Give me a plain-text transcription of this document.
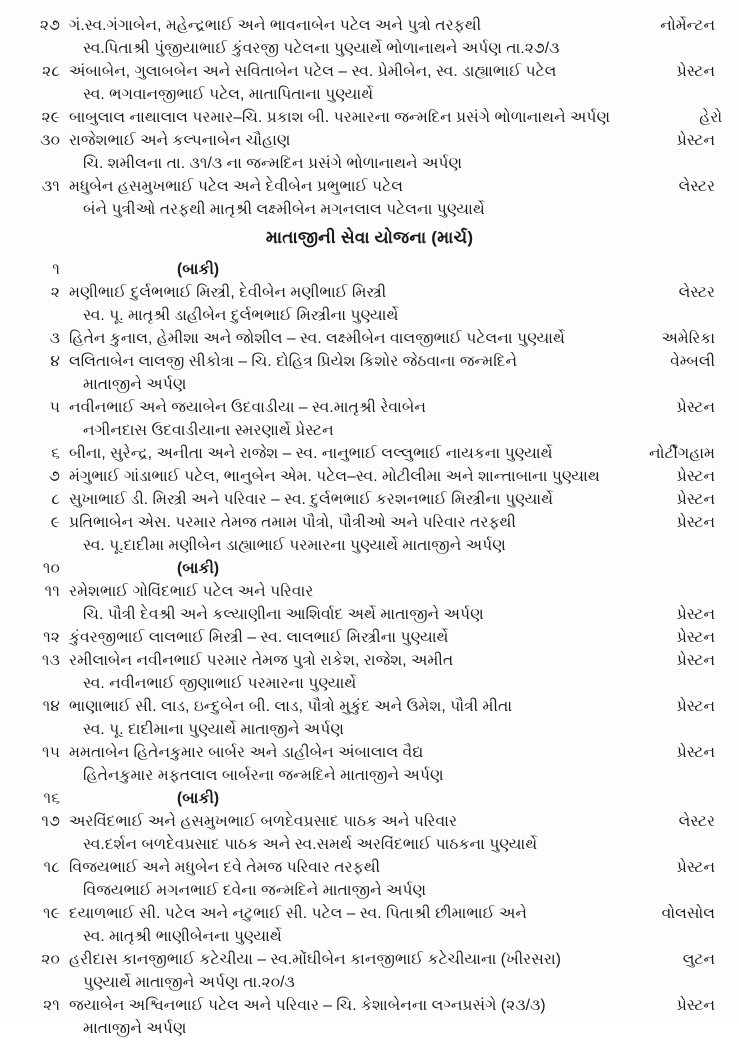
૨૭ ગં.સ્વ.ગંગાબેન, મહેન્દ્રભાઈ અને ભાવનાબેન પટેલ અને પુત્રો તરફથી	નોર્મેન્ટન
સ્વ.પિતાશ્રી પુંજીયાભાઈ કુંવરજી પટેલના પુણ્યાર્થે ભોળાનાથને અર્પણ તા.૨૭/૩
૨૮ અંબાબેન, ગુલાબબેન અને સવિતાબેન પટેલ – સ્વ. પ્રેમીબેન, સ્વ. ડાહ્યાભાઈ પટેલ	પ્રેસ્ટન
સ્વ. ભગવાનજીભાઈ પટેલ, માતાપિતાના પુણ્યાર્થે
૨૯ બાબુલાલ નાથાલાલ પરમાર–ચિ. પ્રકાશ બી. પરમારના જન્મદિન પ્રસંગે ભોળાનાથને અર્પણ	હેરો
૩૦ રાજેશભાઈ અને કલ્પનાબેન ચૌહાણ	પ્રેસ્ટન
ચિ. શમીલના તા. ૩૧/૩ ના જન્મદિન પ્રસંગે ભોળાનાથને અર્પણ
૩૧ મધુબેન હસમુખભાઈ પટેલ અને દેવીબેન પ્રભુભાઈ પટેલ	લેસ્ટર
બંને પુત્રીઓ તરફથી માતૃશ્રી લક્ષ્મીબેન મગનલાલ પટેલના પુણ્યાર્થે
માતાજીની સેવા યોજના (માર્ચ)
૧	(બાકી)
૨ મણીભાઈ દુર્લભભાઈ મિસ્ત્રી, દેવીબેન મણીભાઈ મિસ્ત્રી	લેસ્ટર
સ્વ. પૂ. માતૃશ્રી ડાહીબેન દુર્લભભાઈ મિસ્ત્રીના પુણ્યાર્થે
૩ હિતેન કુનાલ, હેમીશા અને જોશીલ – સ્વ. લક્ષ્મીબેન વાલજીભાઈ પટેલના પુણ્યાર્થે	અમેરિકા
૪ લલિતાબેન લાલજી સીકોત્રા – ચિ. દોહિત્ર પ્રિયેશ કિશોર જેઠવાના જન્મદિને	વેમ્બલી
માતાજીને અર્પણ
૫ નવીનભાઈ અને જયાબેન ઉદવાડીયા – સ્વ.માતૃશ્રી રેવાબેન	પ્રેસ્ટન
નગીનદાસ ઉદવાડીયાના સ્મરણાર્થે પ્રેસ્ટન
૬ બીના, સુરેન્દ્ર, અનીતા અને રાજેશ – સ્વ. નાનુભાઈ લલ્લુભાઈ નાયકના પુણ્યાર્થે	નોર્ટીંગહામ
૭ મંગુભાઈ ગાંડાભાઈ પટેલ, ભાનુબેન એમ. પટેલ–સ્વ. મોટીલીમા અને શાન્તાબાના પુણ્યાથ	પ્રેસ્ટન
૮ સુખાભાઈ ડી. મિસ્ત્રી અને પરિવાર – સ્વ. દુર્લભભાઈ કરશનભાઈ મિસ્ત્રીના પુણ્યાર્થે	પ્રેસ્ટન
૯ પ્રતિભાબેન એસ. પરમાર તેમજ તમામ પૌત્રો, પૌત્રીઓ અને પરિવાર તરફથી	પ્રેસ્ટન
સ્વ. પૂ.દાદીમા મણીબેન ડાહ્યાભાઈ પરમારના પુણ્યાર્થે માતાજીને અર્પણ
૧૦	(બાકી)
૧૧ રમેશભાઈ ગોવિંદભાઈ પટેલ અને પરિવાર
ચિ. પૌત્રી દેવશ્રી અને કલ્યાણીના આશિર્વાદ અર્થે માતાજીને અર્પણ	પ્રેસ્ટન
૧૨ કુંવરજીભાઈ લાલભાઈ મિસ્ત્રી – સ્વ. લાલભાઈ મિસ્ત્રીના પુણ્યાર્થે	પ્રેસ્ટન
૧૩ રમીલાબેન નવીનભાઈ પરમાર તેમજ પુત્રો રાકેશ, રાજેશ, અમીત	પ્રેસ્ટન
સ્વ. નવીનભાઈ જીણાભાઈ પરમારના પુણ્યાર્થે
૧૪ ભાણાભાઈ સી. લાડ, ઇન્દુબેન બી. લાડ, પૌત્રો મુકુંદ અને ઉમેશ, પૌત્રી મીતા	પ્રેસ્ટન
સ્વ. પૂ. દાદીમાના પુણ્યાર્થે માતાજીને અર્પણ
૧૫ મમતાબેન હિતેનકુમાર બાર્બર અને ડાહીબેન અંબાલાલ વૈદ્ય	પ્રેસ્ટન
હિતેનકુમાર મફતલાલ બાર્બરના જન્મદિને માતાજીને અર્પણ
૧૬	(બાકી)
૧૭ અરવિંદભાઈ અને હસમુખભાઈ બળદેવપ્રસાદ પાઠક અને પરિવાર	લેસ્ટર
સ્વ.દર્શન બળદેવપ્રસાદ પાઠક અને સ્વ.સમર્થ અરવિંદભાઈ પાઠકના પુણ્યાર્થે
૧૮ વિજયભાઈ અને મધુબેન દવે તેમજ પરિવાર તરફથી	પ્રેસ્ટન
વિજયભાઈ મગનભાઈ દવેના જન્મદિને માતાજીને અર્પણ
૧૯ દયાળભાઈ સી. પટેલ અને નટુભાઈ સી. પટેલ – સ્વ. પિતાશ્રી છીમાભાઈ અને	વોલસોલ
સ્વ. માતૃશ્રી ભાણીબેનના પુણ્યાર્થે
૨૦ હરીદાસ કાનજીભાઈ કટેચીયા – સ્વ.મોંઘીબેન કાનજીભાઈ કટેચીયાના (ખીરસરા)	લુટન
પુણ્યાર્થે માતાજીને અર્પણ તા.૨૦/૩
૨૧ જયાબેન અશ્વિનભાઈ પટેલ અને પરિવાર – ચિ. કેશાબેનના લગ્નપ્રસંગે (૨૩/૩)	પ્રેસ્ટન
માતાજીને અર્પણ
